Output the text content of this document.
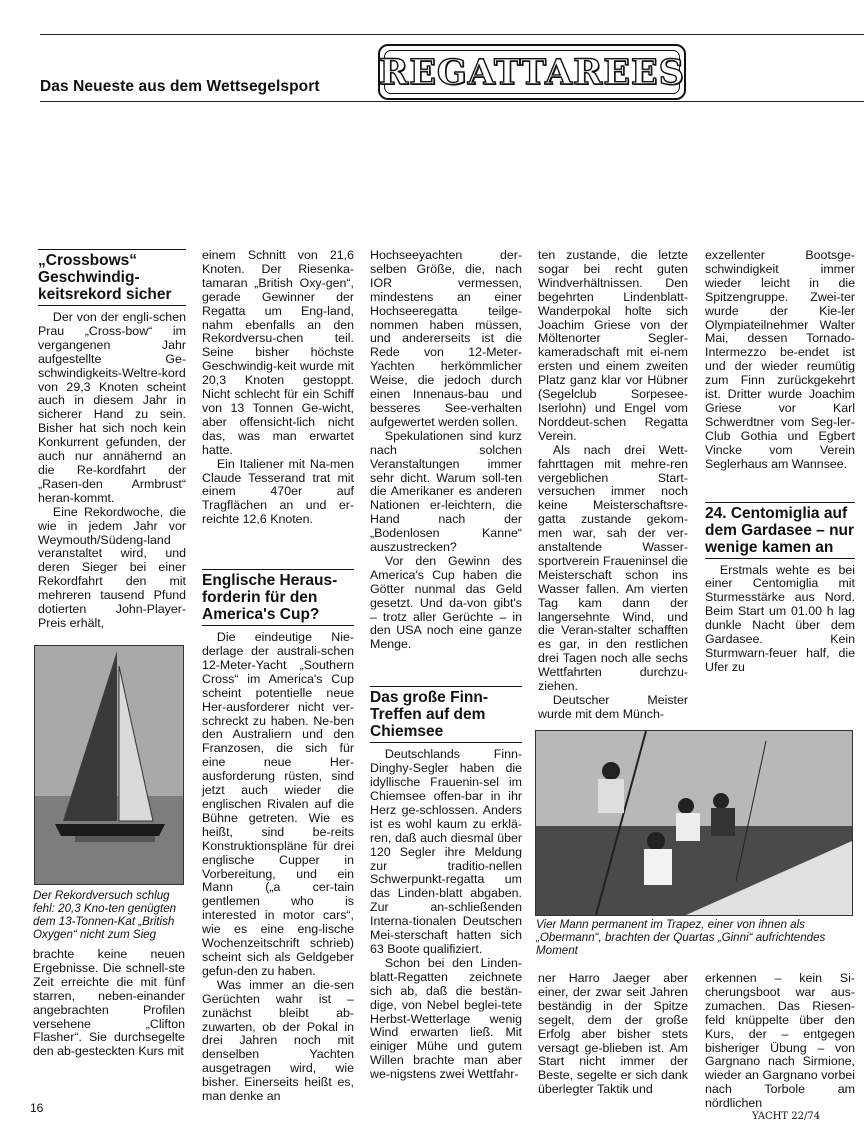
Das Neueste aus dem Wettsegelsport REGATTAREES
„Crossbows“ Geschwindig-keitsrekord sicher

Der von der engli-schen Prau „Cross-bow“ im vergangenen Jahr aufgestellte Ge-schwindigkeits-Weltre-kord von 29,3 Knoten scheint auch in diesem Jahr in sicherer Hand zu sein. Bisher hat sich noch kein Konkurrent gefunden, der auch nur annähernd an die Re-kordfahrt der „Rasen-den Armbrust“ heran-kommt.

Eine Rekordwoche, die wie in jedem Jahr vor Weymouth/Südeng-land veranstaltet wird, und deren Sieger bei einer Rekordfahrt den mit mehreren tausend Pfund dotierten John-Player-Preis erhält,

Der Rekordversuch schlug fehl: 20,3 Kno-ten genügten dem 13-Tonnen-Kat „British Oxygen“ nicht zum Sieg

brachte keine neuen Ergebnisse. Die schnell-ste Zeit erreichte die mit fünf starren, neben-einander angebrachten Profilen versehene „Clifton Flasher“. Sie durchsegelte den ab-gesteckten Kurs mit

einem Schnitt von 21,6 Knoten. Der Riesenka-tamaran „British Oxy-gen“, gerade Gewinner der Regatta um Eng-land, nahm ebenfalls an den Rekordversu-chen teil. Seine bisher höchste Geschwindig-keit wurde mit 20,3 Knoten gestoppt. Nicht schlecht für ein Schiff von 13 Tonnen Ge-wicht, aber offensicht-lich nicht das, was man erwartet hatte.

Ein Italiener mit Na-men Claude Tesserand trat mit einem 470er auf Tragflächen an und er-reichte 12,6 Knoten.

Englische Heraus-forderin für den America's Cup?

Die eindeutige Nie-derlage der australi-schen 12-Meter-Yacht „Southern Cross“ im America's Cup scheint potentielle neue Her-ausforderer nicht ver-schreckt zu haben. Ne-ben den Australiern und den Franzosen, die sich für eine neue Her-ausforderung rüsten, sind jetzt auch wieder die englischen Rivalen auf die Bühne getreten. Wie es heißt, sind be-reits Konstruktionspläne für drei englische Cupper in Vorbereitung, und ein Mann („a cer-tain gentlemen who is interested in motor cars“, wie es eine eng-lische Wochenzeitschrift schrieb) scheint sich als Geldgeber gefun-den zu haben.

Was immer an die-sen Gerüchten wahr ist – zunächst bleibt ab-zuwarten, ob der Pokal in drei Jahren noch mit denselben Yachten ausgetragen wird, wie bisher. Einerseits heißt es, man denke an

Hochseeyachten der-selben Größe, die, nach IOR vermessen, mindestens an einer Hochseeregatta teilge-nommen haben müssen, und andererseits ist die Rede von 12-Meter-Yachten herkömmlicher Weise, die jedoch durch einen Innenaus-bau und besseres See-verhalten aufgewertet werden sollen.

Spekulationen sind kurz nach solchen Veranstaltungen immer sehr dicht. Warum soll-ten die Amerikaner es anderen Nationen er-leichtern, die Hand nach der „Bodenlosen Kanne“ auszustrecken?

Vor den Gewinn des America's Cup haben die Götter nunmal das Geld gesetzt. Und da-von gibt's – trotz aller Gerüchte – in den USA noch eine ganze Menge.

Das große Finn-Treffen auf dem Chiemsee

Deutschlands Finn-Dinghy-Segler haben die idyllische Frauenin-sel im Chiemsee offen-bar in ihr Herz ge-schlossen. Anders ist es wohl kaum zu erklä-ren, daß auch diesmal über 120 Segler ihre Meldung zur traditio-nellen Schwerpunkt-regatta um das Linden-blatt abgaben. Zur an-schließenden Interna-tionalen Deutschen Mei-sterschaft hatten sich 63 Boote qualifiziert.

Schon bei den Linden-blatt-Regatten zeichnete sich ab, daß die bestän-dige, von Nebel beglei-tete Herbst-Wetterlage wenig Wind erwarten ließ. Mit einiger Mühe und gutem Willen brachte man aber we-nigstens zwei Wettfahr-

ten zustande, die letzte sogar bei recht guten Windverhältnissen. Den begehrten Lindenblatt-Wanderpokal holte sich Joachim Griese von der Möltenorter Segler-kameradschaft mit ei-nem ersten und einem zweiten Platz ganz klar vor Hübner (Segelclub Sorpesee-Iserlohn) und Engel vom Norddeut-schen Regatta Verein.

Als nach drei Wett-fahrttagen mit mehre-ren vergeblichen Start-versuchen immer noch keine Meisterschaftsre-gatta zustande gekom-men war, sah der ver-anstaltende Wasser-sportverein Fraueninsel die Meisterschaft schon ins Wasser fallen. Am vierten Tag kam dann der langersehnte Wind, und die Veran-stalter schafften es gar, in den restlichen drei Tagen noch alle sechs Wettfahrten durchzu-ziehen.

Deutscher Meister wurde mit dem Münch-

exzellenter Bootsge-schwindigkeit immer wieder leicht in die Spitzengruppe. Zwei-ter wurde der Kie-ler Olympiateilnehmer Walter Mai, dessen Tornado-Intermezzo be-endet ist und der wieder reumütig zum Finn zurückgekehrt ist. Dritter wurde Joachim Griese vor Karl Schwerdtner vom Seg-ler-Club Gothia und Egbert Vincke vom Verein Seglerhaus am Wannsee.

24. Centomiglia auf dem Gardasee – nur wenige kamen an

Erstmals wehte es bei einer Centomiglia mit Sturmesstärke aus Nord. Beim Start um 01.00 h lag dunkle Nacht über dem Gardasee. Kein Sturmwarn-feuer half, die Ufer zu

Vier Mann permanent im Trapez, einer von ihnen als „Obermann“, brachten der Quartas „Ginni“ aufrichtendes Moment

ner Harro Jaeger aber einer, der zwar seit Jahren beständig in der Spitze segelt, dem der große Erfolg aber bisher stets versagt ge-blieben ist. Am Start nicht immer der Beste, segelte er sich dank überlegter Taktik und

erkennen – kein Si-cherungsboot war aus-zumachen. Das Riesen-feld knüppelte über den Kurs, der – entgegen bisheriger Übung – von Gargnano nach Sirmione, wieder an Gargnano vorbei nach Torbole am nördlichen

16
YACHT 22/74
